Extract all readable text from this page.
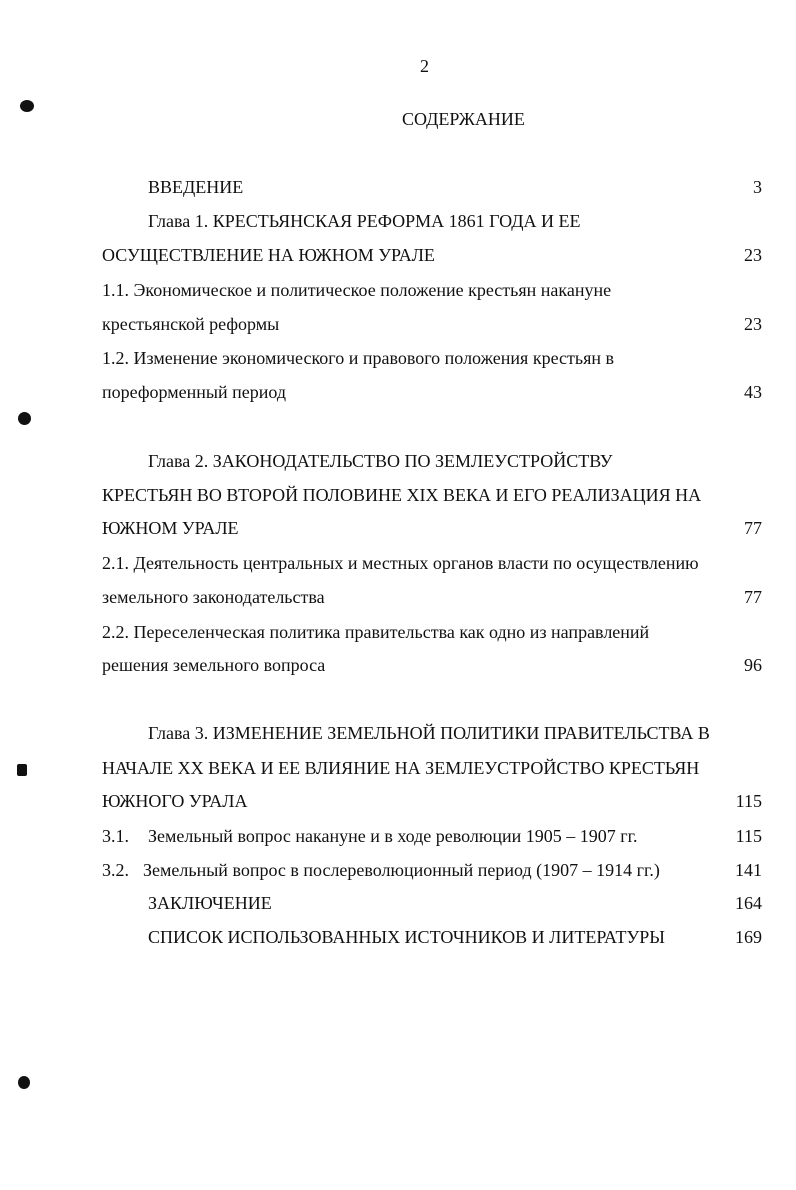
2
СОДЕРЖАНИЕ
ВВЕДЕНИЕ	3
Глава 1. КРЕСТЬЯНСКАЯ РЕФОРМА 1861 ГОДА И ЕЕ
ОСУЩЕСТВЛЕНИЕ НА ЮЖНОМ УРАЛЕ	23
1.1. Экономическое и политическое положение крестьян накануне
крестьянской реформы	23
1.2. Изменение экономического и правового положения крестьян в
пореформенный период	43
Глава 2. ЗАКОНОДАТЕЛЬСТВО ПО ЗЕМЛЕУСТРОЙСТВУ
КРЕСТЬЯН ВО ВТОРОЙ ПОЛОВИНЕ XIX ВЕКА И ЕГО РЕАЛИЗАЦИЯ НА
ЮЖНОМ УРАЛЕ	77
2.1. Деятельность центральных и местных органов власти по осуществлению
земельного законодательства	77
2.2. Переселенческая политика правительства как одно из направлений
решения земельного вопроса	96
Глава 3. ИЗМЕНЕНИЕ ЗЕМЕЛЬНОЙ ПОЛИТИКИ ПРАВИТЕЛЬСТВА В
НАЧАЛЕ XX ВЕКА И ЕЕ ВЛИЯНИЕ НА ЗЕМЛЕУСТРОЙСТВО КРЕСТЬЯН
ЮЖНОГО УРАЛА	115
3.1. Земельный вопрос накануне и в ходе революции 1905 – 1907 гг.	115
3.2. Земельный вопрос в послереволюционный период (1907 – 1914 гг.)	141
ЗАКЛЮЧЕНИЕ	164
СПИСОК ИСПОЛЬЗОВАННЫХ ИСТОЧНИКОВ И ЛИТЕРАТУРЫ	169
